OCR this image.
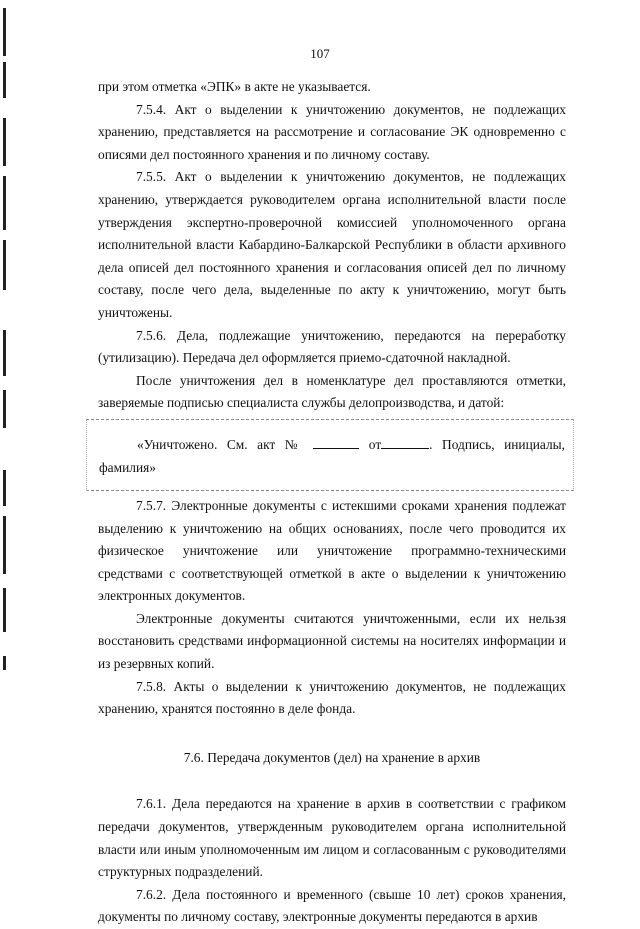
107

при этом отметка «ЭПК» в акте не указывается.

7.5.4. Акт о выделении к уничтожению документов, не подлежащих хранению, представляется на рассмотрение и согласование ЭК одновременно с описями дел постоянного хранения и по личному составу.

7.5.5. Акт о выделении к уничтожению документов, не подлежащих хранению, утверждается руководителем органа исполнительной власти после утверждения экспертно-проверочной комиссией уполномоченного органа исполнительной власти Кабардино-Балкарской Республики в области архивного дела описей дел постоянного хранения и согласования описей дел по личному составу, после чего дела, выделенные по акту к уничтожению, могут быть уничтожены.

7.5.6. Дела, подлежащие уничтожению, передаются на переработку (утилизацию). Передача дел оформляется приемо-сдаточной накладной.

После уничтожения дел в номенклатуре дел проставляются отметки, заверяемые подписью специалиста службы делопроизводства, и датой:

«Уничтожено. См. акт №	от	. Подпись, инициалы, фамилия»

7.5.7. Электронные документы с истекшими сроками хранения подлежат выделению к уничтожению на общих основаниях, после чего проводится их физическое уничтожение или уничтожение программно-техническими средствами с соответствующей отметкой в акте о выделении к уничтожению электронных документов.

Электронные документы считаются уничтоженными, если их нельзя восстановить средствами информационной системы на носителях информации и из резервных копий.

7.5.8. Акты о выделении к уничтожению документов, не подлежащих хранению, хранятся постоянно в деле фонда.

7.6. Передача документов (дел) на хранение в архив

7.6.1. Дела передаются на хранение в архив в соответствии с графиком передачи документов, утвержденным руководителем органа исполнительной власти или иным уполномоченным им лицом и согласованным с руководителями структурных подразделений.

7.6.2. Дела постоянного и временного (свыше 10 лет) сроков хранения, документы по личному составу, электронные документы передаются в архив
